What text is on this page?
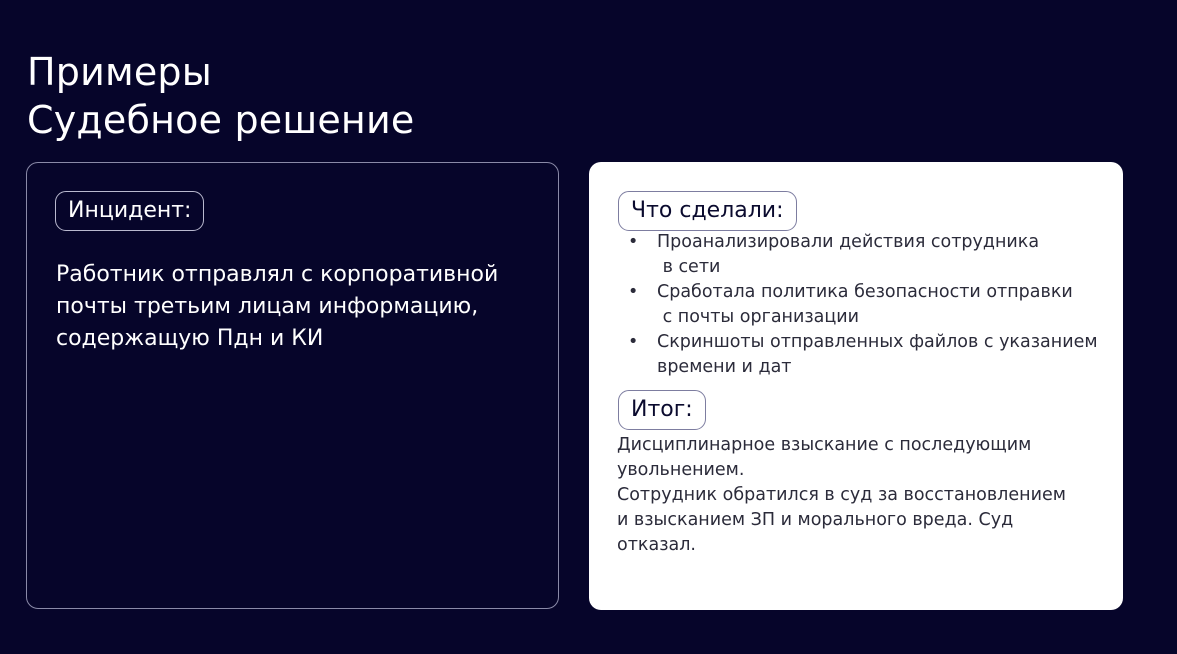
Примеры
Судебное решение
Инцидент:

Работник отправлял с корпоративной
почты третьим лицам информацию,
содержащую Пдн и КИ

Что сделали:
• Проанализировали действия сотрудника
в сети
• Сработала политика безопасности отправки
с почты организации
• Скриншоты отправленных файлов с указанием
времени и дат
Итог:

Дисциплинарное взыскание с последующим
увольнением.
Сотрудник обратился в суд за восстановлением
и взысканием ЗП и морального вреда. Суд
отказал.
